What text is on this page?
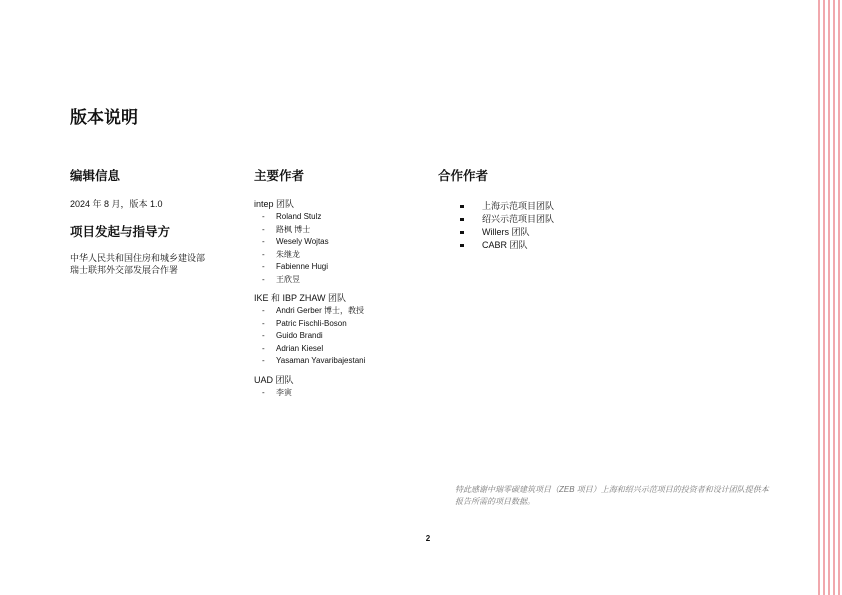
版本说明

编辑信息

2024 年 8 月，版本 1.0

项目发起与指导方

中华人民共和国住房和城乡建设部

瑞士联邦外交部发展合作署

主要作者

intep 团队

- Roland Stulz
- 路枫 博士
- Wesely Wojtas
- 朱继龙
- Fabienne Hugi
- 王欣昱

IKE 和 IBP ZHAW 团队

- Andri Gerber 博士，教授
- Patric Fischli-Boson
- Guido Brandi
- Adrian Kiesel
- Yasaman Yavaribajestani

UAD 团队

- 李寅

合作作者

上海示范项目团队
绍兴示范项目团队
Willers 团队
CABR 团队

特此感谢中瑞零碳建筑项目（ZEB 项目）上海和绍兴示范项目的投资者和设计团队提供本报告所需的项目数据。

2
